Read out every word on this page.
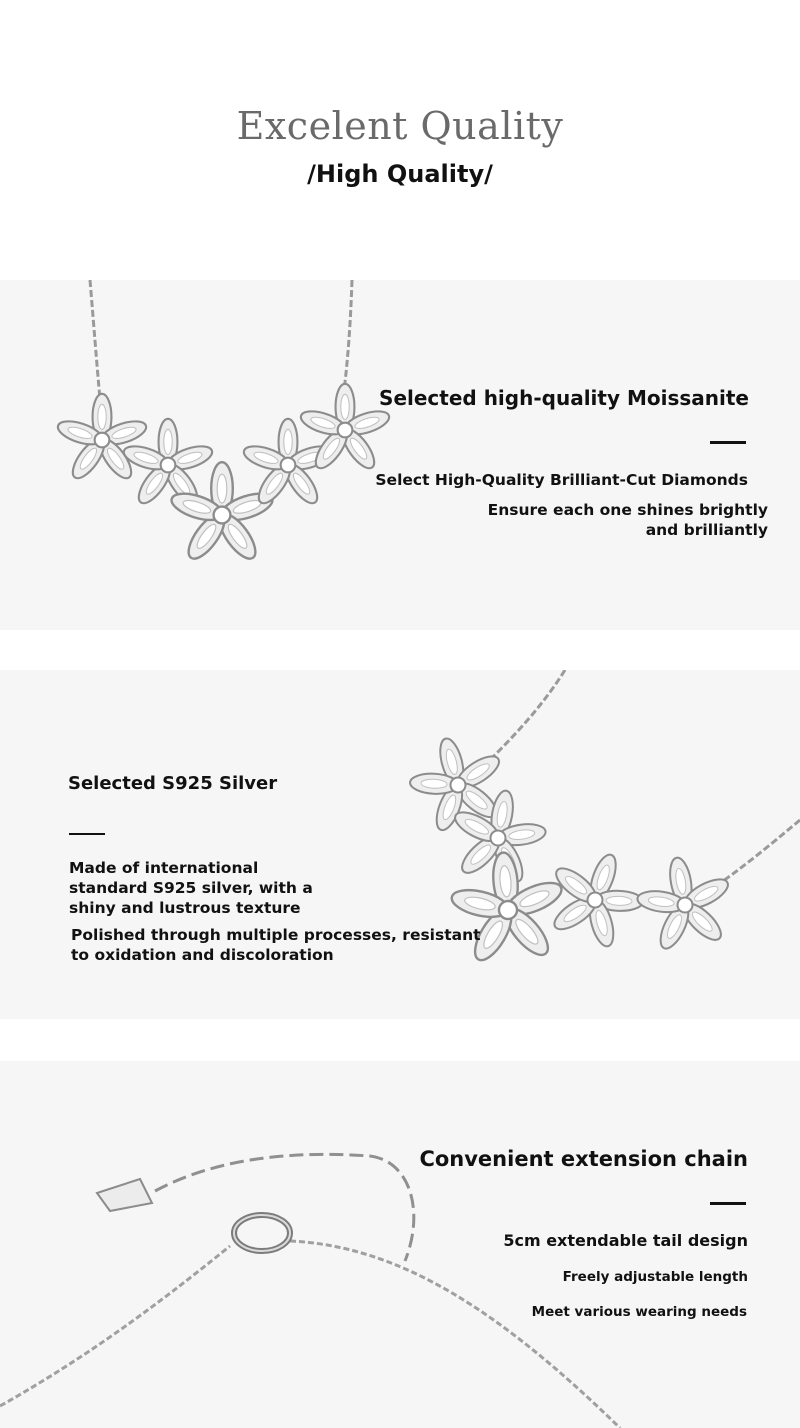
Excelent Quality
/High Quality/
Selected high-quality Moissanite
Select High-Quality Brilliant-Cut Diamonds
Ensure each one shines brightly
and brilliantly
Selected S925 Silver
Made of international
standard S925 silver, with a
shiny and lustrous texture
Polished through multiple processes, resistant
to oxidation and discoloration
Convenient extension chain
5cm extendable tail design
Freely adjustable length
Meet various wearing needs
